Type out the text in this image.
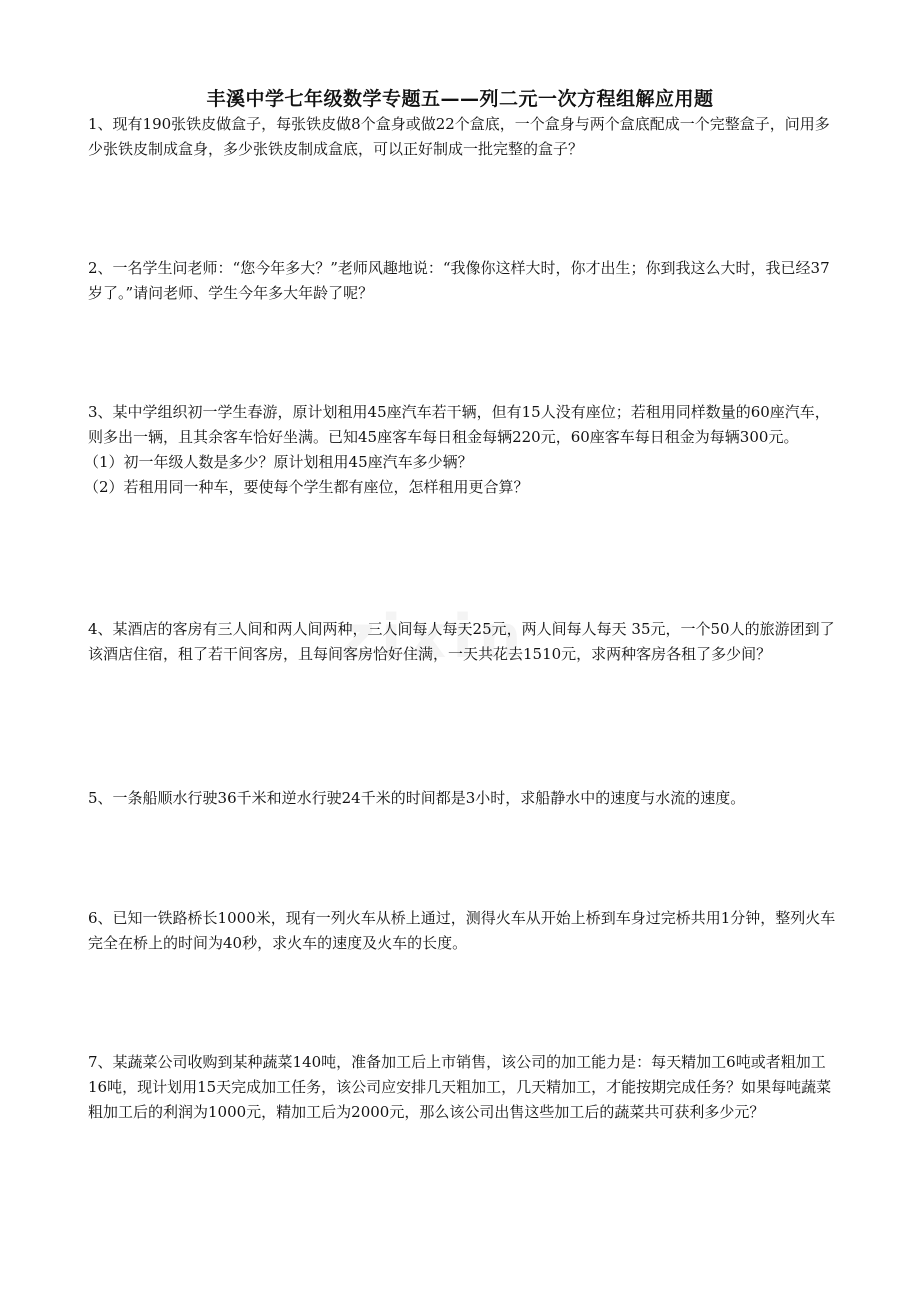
丰溪中学七年级数学专题五——列二元一次方程组解应用题

1、现有190张铁皮做盒子，每张铁皮做8个盒身或做22个盒底，一个盒身与两个盒底配成一个完整盒子，问用多少张铁皮制成盒身，多少张铁皮制成盒底，可以正好制成一批完整的盒子？

2、一名学生问老师：“您今年多大？”老师风趣地说：“我像你这样大时，你才出生；你到我这么大时，我已经37岁了。”请问老师、学生今年多大年龄了呢？

3、某中学组织初一学生春游，原计划租用45座汽车若干辆，但有15人没有座位；若租用同样数量的60座汽车，则多出一辆，且其余客车恰好坐满。已知45座客车每日租金每辆220元，60座客车每日租金为每辆300元。

（1）初一年级人数是多少？原计划租用45座汽车多少辆？

（2）若租用同一种车，要使每个学生都有座位，怎样租用更合算？

4、某酒店的客房有三人间和两人间两种，三人间每人每天25元，两人间每人每天 35元，一个50人的旅游团到了该酒店住宿，租了若干间客房，且每间客房恰好住满，一天共花去1510元，求两种客房各租了多少间？

5、一条船顺水行驶36千米和逆水行驶24千米的时间都是3小时，求船静水中的速度与水流的速度。

6、已知一铁路桥长1000米，现有一列火车从桥上通过，测得火车从开始上桥到车身过完桥共用1分钟，整列火车完全在桥上的时间为40秒，求火车的速度及火车的长度。

7、某蔬菜公司收购到某种蔬菜140吨，准备加工后上市销售，该公司的加工能力是：每天精加工6吨或者粗加工16吨，现计划用15天完成加工任务，该公司应安排几天粗加工，几天精加工，才能按期完成任务？如果每吨蔬菜粗加工后的利润为1000元，精加工后为2000元，那么该公司出售这些加工后的蔬菜共可获利多少元？
